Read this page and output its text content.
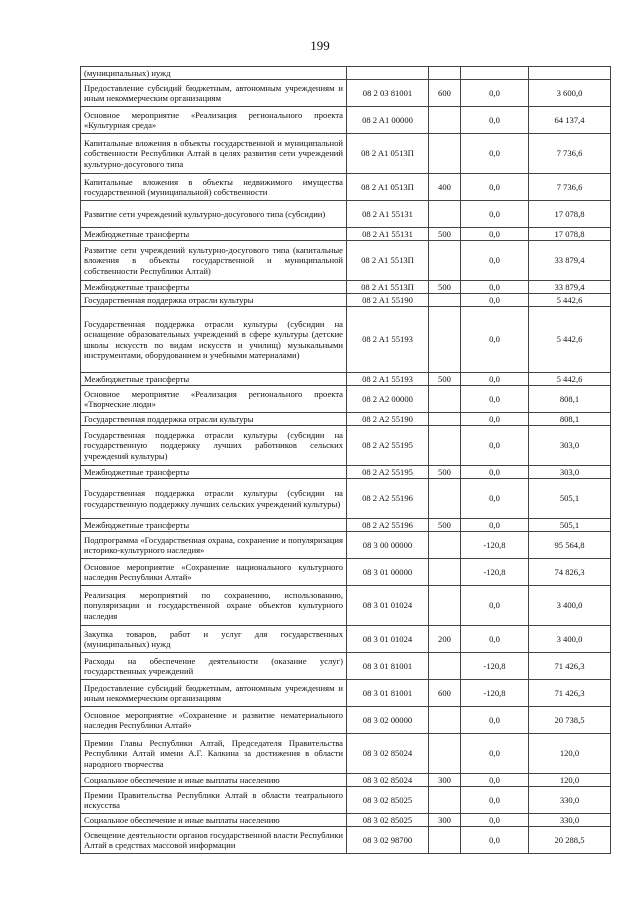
199
(муниципальных) нужд				
Предоставление субсидий бюджетным, автономным учреждениям и иным некоммерческим организациям	08 2 03 81001	600	0,0	3 600,0
Основное мероприятие «Реализация регионального проекта «Культурная среда»	08 2 A1 00000		0,0	64 137,4
Капитальные вложения в объекты государственной и муниципальной собственности Республики Алтай в целях развития сети учреждений культурно-досугового типа	08 2 A1 0513П		0,0	7 736,6
Капитальные вложения в объекты недвижимого имущества государственной (муниципальной) собственности	08 2 A1 0513П	400	0,0	7 736,6
Развитие сети учреждений культурно-досугового типа (субсидии)	08 2 A1 55131		0,0	17 078,8
Межбюджетные трансферты	08 2 A1 55131	500	0,0	17 078,8
Развитие сети учреждений культурно-досугового типа (капитальные вложения в объекты государственной и муниципальной собственности Республики Алтай)	08 2 A1 5513П		0,0	33 879,4
Межбюджетные трансферты	08 2 A1 5513П	500	0,0	33 879,4
Государственная поддержка отрасли культуры	08 2 A1 55190		0,0	5 442,6
Государственная поддержка отрасли культуры (субсидии на оснащение образовательных учреждений в сфере культуры (детские школы искусств по видам искусств и училищ) музыкальными инструментами, оборудованием и учебными материалами)	08 2 A1 55193		0,0	5 442,6
Межбюджетные трансферты	08 2 A1 55193	500	0,0	5 442,6
Основное мероприятие «Реализация регионального проекта «Творческие люди»	08 2 A2 00000		0,0	808,1
Государственная поддержка отрасли культуры	08 2 A2 55190		0,0	808,1
Государственная поддержка отрасли культуры (субсидии на государственную поддержку лучших работников сельских учреждений культуры)	08 2 A2 55195		0,0	303,0
Межбюджетные трансферты	08 2 A2 55195	500	0,0	303,0
Государственная поддержка отрасли культуры (субсидии на государственную поддержку лучших сельских учреждений культуры)	08 2 A2 55196		0,0	505,1
Межбюджетные трансферты	08 2 A2 55196	500	0,0	505,1
Подпрограмма «Государственная охрана, сохранение и популяризация историко-культурного наследия»	08 3 00 00000		-120,8	95 564,8
Основное мероприятие «Сохранение национального культурного наследия Республики Алтай»	08 3 01 00000		-120,8	74 826,3
Реализация мероприятий по сохранению, использованию, популяризации и государственной охране объектов культурного наследия	08 3 01 01024		0,0	3 400,0
Закупка товаров, работ и услуг для государственных (муниципальных) нужд	08 3 01 01024	200	0,0	3 400,0
Расходы на обеспечение деятельности (оказание услуг) государственных учреждений	08 3 01 81001		-120,8	71 426,3
Предоставление субсидий бюджетным, автономным учреждениям и иным некоммерческим организациям	08 3 01 81001	600	-120,8	71 426,3
Основное мероприятие «Сохранение и развитие нематериального наследия Республики Алтай»	08 3 02 00000		0,0	20 738,5
Премии Главы Республики Алтай, Председателя Правительства Республики Алтай имени А.Г. Калкина за достижения в области народного творчества	08 3 02 85024		0,0	120,0
Социальное обеспечение и иные выплаты населению	08 3 02 85024	300	0,0	120,0
Премии Правительства Республики Алтай в области театрального искусства	08 3 02 85025		0,0	330,0
Социальное обеспечение и иные выплаты населению	08 3 02 85025	300	0,0	330,0
Освещение деятельности органов государственной власти Республики Алтай в средствах массовой информации	08 3 02 98700		0,0	20 288,5
